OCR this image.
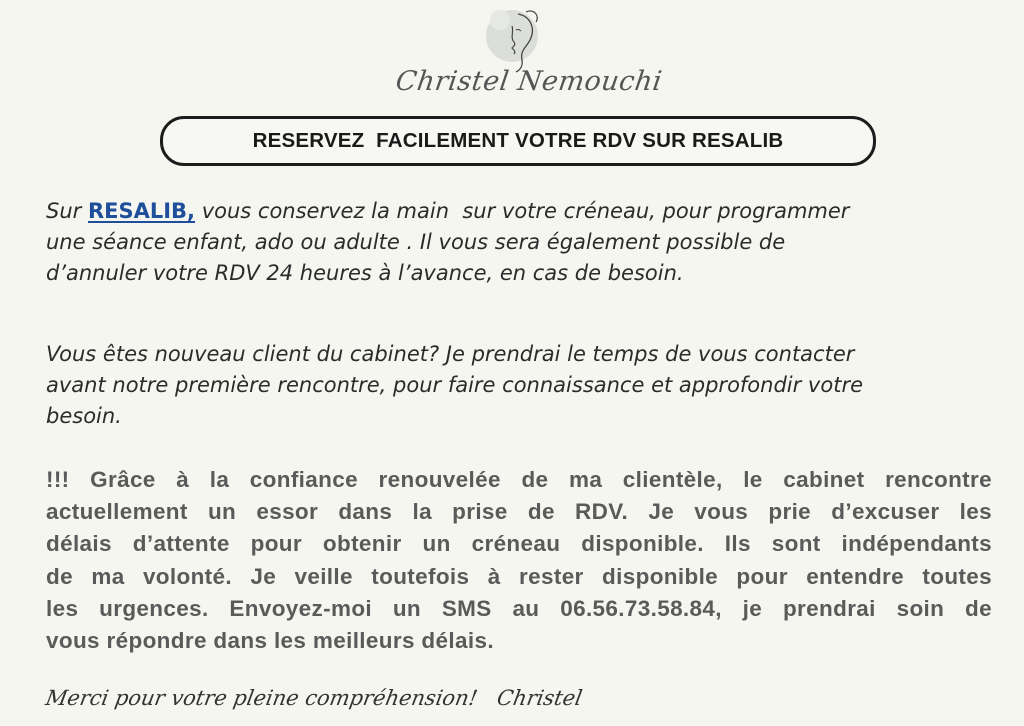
Christel Nemouchi
RESERVEZ  FACILEMENT VOTRE RDV SUR RESALIB
Sur RESALIB, vous conservez la main  sur votre créneau, pour programmer
une séance enfant, ado ou adulte . Il vous sera également possible de
d’annuler votre RDV 24 heures à l’avance, en cas de besoin.
Vous êtes nouveau client du cabinet? Je prendrai le temps de vous contacter
avant notre première rencontre, pour faire connaissance et approfondir votre
besoin.
!!! Grâce à la confiance renouvelée de ma clientèle, le cabinet rencontre
actuellement un essor dans la prise de RDV. Je vous prie d’excuser les
délais d’attente pour obtenir un créneau disponible. Ils sont indépendants
de ma volonté. Je veille toutefois à rester disponible pour entendre toutes
les urgences. Envoyez-moi un SMS au 06.56.73.58.84, je prendrai soin de
vous répondre dans les meilleurs délais.
Merci pour votre pleine compréhension!   Christel
